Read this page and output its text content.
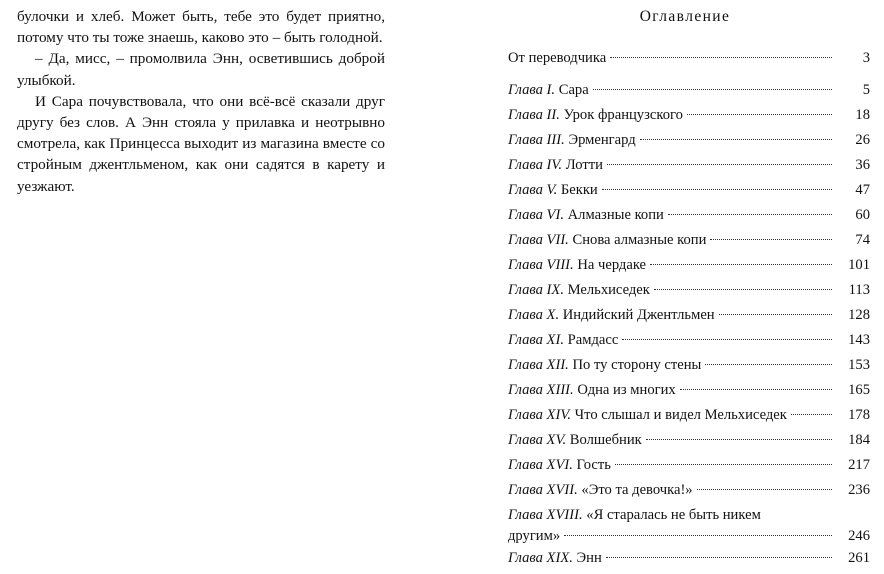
булочки и хлеб. Может быть, тебе это будет приятно, потому что ты тоже знаешь, каково это – быть голодной.

– Да, мисс, – промолвила Энн, осветившись доброй улыбкой.

И Сара почувствовала, что они всё-всё сказали друг другу без слов. А Энн стояла у прилавка и неотрывно смотрела, как Принцесса выходит из магазина вместе со стройным джентльменом, как они садятся в карету и уезжают.

Оглавление
От переводчика	3
Глава I. Сара	5
Глава II. Урок французского	18
Глава III. Эрменгард	26
Глава IV. Лотти	36
Глава V. Бекки	47
Глава VI. Алмазные копи	60
Глава VII. Снова алмазные копи	74
Глава VIII. На чердаке	101
Глава IX. Мельхиседек	113
Глава X. Индийский Джентльмен	128
Глава XI. Рамдасс	143
Глава XII. По ту сторону стены	153
Глава XIII. Одна из многих	165
Глава XIV. Что слышал и видел Мельхиседек	178
Глава XV. Волшебник	184
Глава XVI. Гость	217
Глава XVII. «Это та девочка!»	236
Глава XVIII. «Я старалась не быть никем
другим»	246
Глава XIX. Энн	261
